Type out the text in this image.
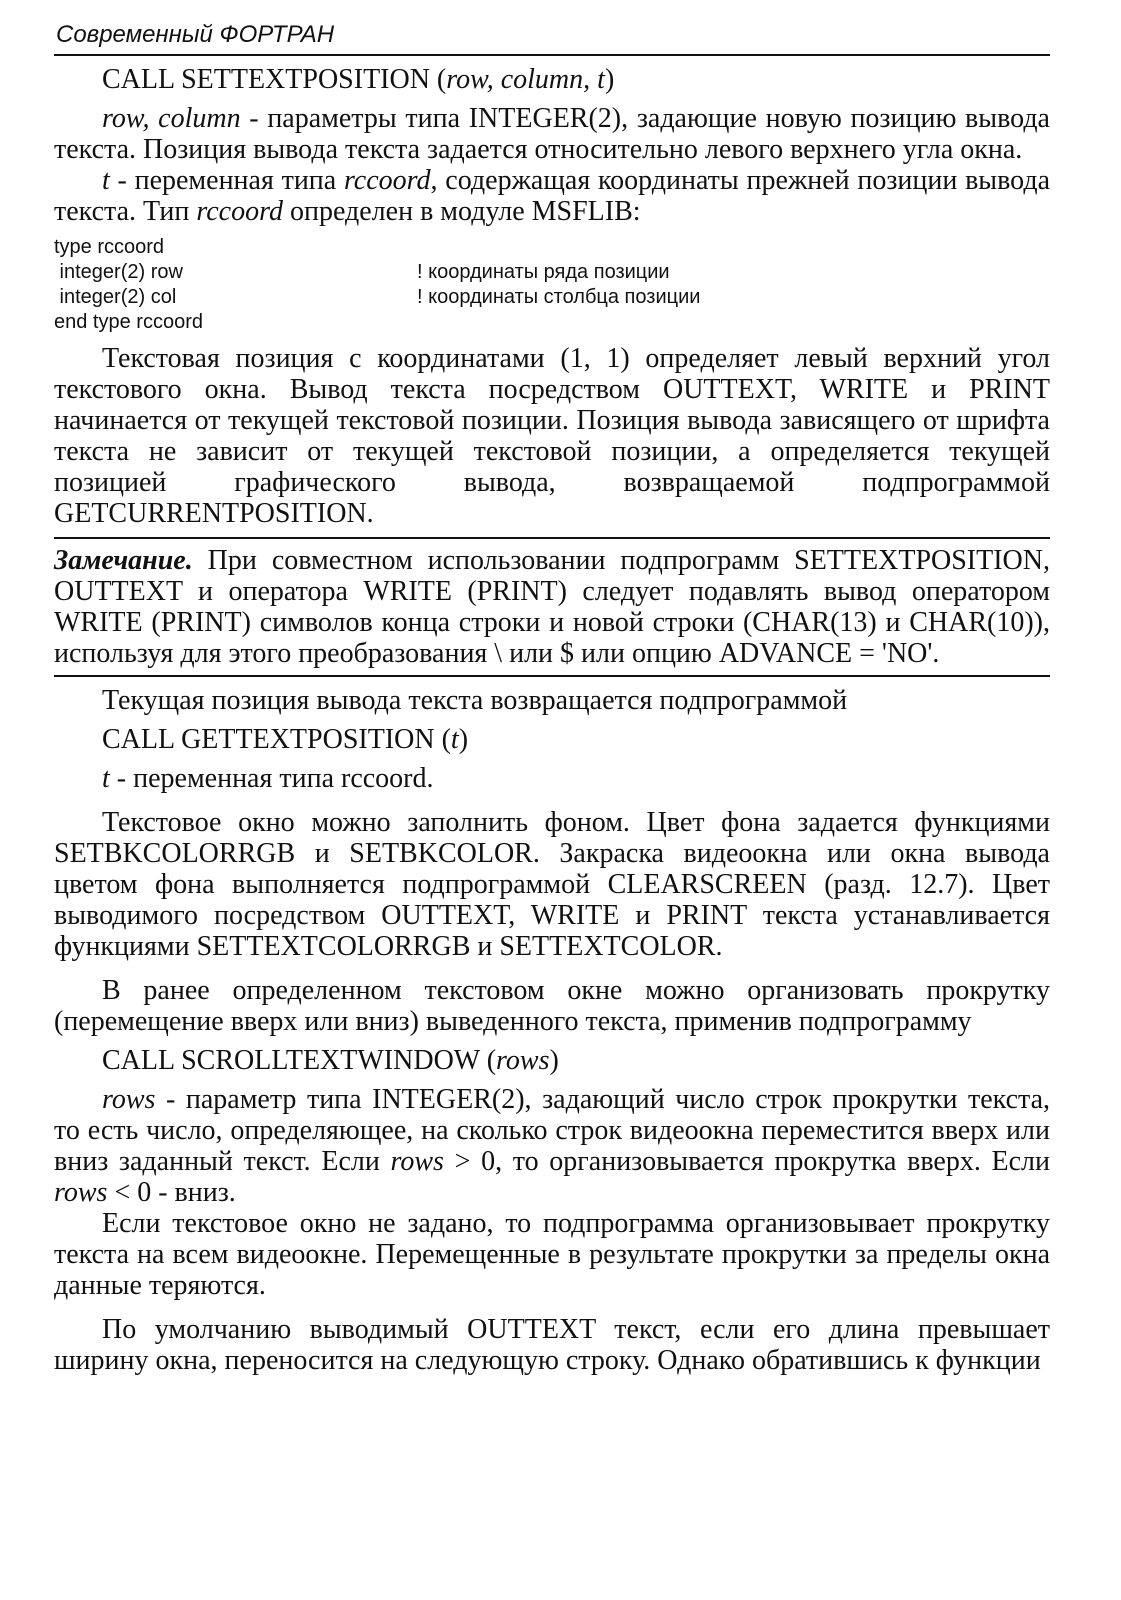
Современный ФОРТРАН

CALL SETTEXTPOSITION (row, column, t)

row, column - параметры типа INTEGER(2), задающие новую позицию вывода текста. Позиция вывода текста задается относительно левого верхнего угла окна.

t - переменная типа rccoord, содержащая координаты прежней позиции вывода текста. Тип rccoord определен в модуле MSFLIB:

type rccoord
integer(2) row	! координаты ряда позиции
integer(2) col	! координаты столбца позиции
end type rccoord

Текстовая позиция с координатами (1, 1) определяет левый верхний угол текстового окна. Вывод текста посредством OUTTEXT, WRITE и PRINT начинается от текущей текстовой позиции. Позиция вывода зависящего от шрифта текста не зависит от текущей текстовой позиции, а определяется текущей позицией графического вывода, возвращаемой подпрограммой GETCURRENTPOSITION.

Замечание. При совместном использовании подпрограмм SETTEXTPOSITION, OUTTEXT и оператора WRITE (PRINT) следует подавлять вывод оператором WRITE (PRINT) символов конца строки и новой строки (CHAR(13) и CHAR(10)), используя для этого преобразования \ или $ или опцию ADVANCE = 'NO'.

Текущая позиция вывода текста возвращается подпрограммой

CALL GETTEXTPOSITION (t)

t - переменная типа rccoord.

Текстовое окно можно заполнить фоном. Цвет фона задается функциями SETBKCOLORRGB и SETBKCOLOR. Закраска видеоокна или окна вывода цветом фона выполняется подпрограммой CLEARSCREEN (разд. 12.7). Цвет выводимого посредством OUTTEXT, WRITE и PRINT текста устанавливается функциями SETTEXTCOLORRGB и SETTEXTCOLOR.

В ранее определенном текстовом окне можно организовать прокрутку (перемещение вверх или вниз) выведенного текста, применив подпрограмму

CALL SCROLLTEXTWINDOW (rows)

rows - параметр типа INTEGER(2), задающий число строк прокрутки текста, то есть число, определяющее, на сколько строк видеоокна переместится вверх или вниз заданный текст. Если rows > 0, то организовывается прокрутка вверх. Если rows < 0 - вниз.

Если текстовое окно не задано, то подпрограмма организовывает прокрутку текста на всем видеоокне. Перемещенные в результате прокрутки за пределы окна данные теряются.

По умолчанию выводимый OUTTEXT текст, если его длина превышает ширину окна, переносится на следующую строку. Однако обратившись к функции
